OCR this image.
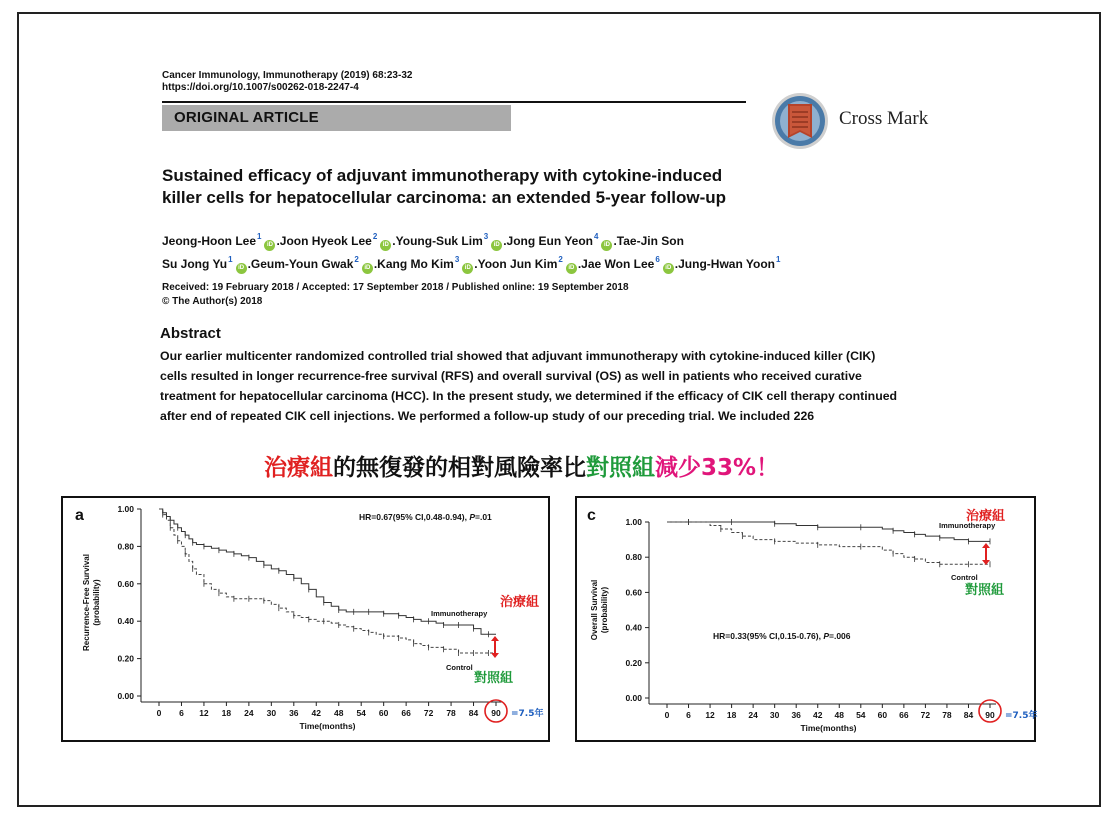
Cancer Immunology, Immunotherapy (2019) 68:23-32
https://doi.org/10.1007/s00262-018-2247-4
ORIGINAL ARTICLE	Cross Mark
Sustained efficacy of adjuvant immunotherapy with cytokine-induced
killer cells for hepatocellular carcinoma: an extended 5-year follow-up
Jeong-Hoon Lee$^1$iD .Joon Hyeok Lee$^2$iD .Young-Suk Lim$^3$iD .Jong Eun Yeon$^4$iD .Tae-Jin Son
Su Jong Yu$^1$iD .Geum-Youn Gwak$^2$iD .Kang Mo Kim$^3$iD .Yoon Jun Kim$^2$iD .Jae Won Lee$^6$iD .Jung-Hwan Yoon$^1$
Received: 19 February 2018 / Accepted: 17 September 2018 / Published online: 19 September 2018
© The Author(s) 2018
Abstract
Our earlier multicenter randomized controlled trial showed that adjuvant immunotherapy with cytokine-induced killer (CIK)
cells resulted in longer recurrence-free survival (RFS) and overall survival (OS) as well in patients who received curative
treatment for hepatocellular carcinoma (HCC). In the present study, we determined if the efficacy of CIK cell therapy continued
after end of repeated CIK cell injections. We performed a follow-up study of our preceding trial. We included 226
治療組的無復發的相對風險率比對照組減少33%！
a
0.00
0.20
0.40
0.60
0.80
1.00
0 6 12 18 24 30 36 42 48 54 60 66 72 78 84 90
Time(months)
Recurrence-Free Survival (probability)
HR=0.67(95% CI,0.48-0.94), P=.01
治療組
Immunotherapy
Control
對照組
=7.5年
c
0.00
0.20
0.40
0.60
0.80
1.00
0 6 12 18 24 30 36 42 48 54 60 66 72 78 84 90
Time(months)
Overall Survival (probability)
HR=0.33(95% CI,0.15-0.76), P=.006
治療組
Immunotherapy
Control
對照組
=7.5年
